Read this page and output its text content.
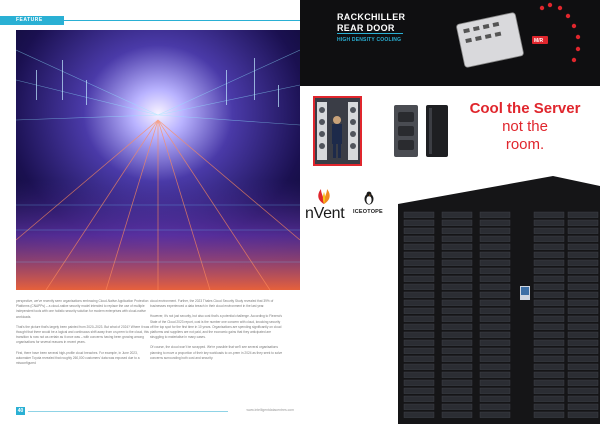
FEATURE

perspective, we've recently seen organisations embracing Cloud-Native Application Protection Platforms (CNAPPs) – a cloud-native security model intended to replace the use of multiple independent tools with one holistic security solution for modern enterprises with cloud-native workloads.

That's the picture that's largely been painted from 2020–2023. But what of 2024? Where it was thought that there would be a logical and continuous shift away from on-prem to the cloud, this transition is now not as certain as it once was – with concerns having been growing among organisations for several reasons in recent years.

First, there have been several high-profile cloud breaches. For example, in June 2023, automaker Toyota revealed that roughly 260,000 customers' data was exposed due to a misconfigured

cloud environment. Further, the 2023 Thales Cloud Security Study revealed that 39% of businesses experienced a data breach in their cloud environment in the last year.

However, it's not just security, but also cost that's a potential challenge. According to Flexera's State of the Cloud 2023 report, cost is the number one concern with cloud, knocking security off the top spot for the first time in 10 years. Organisations are spending significantly on cloud platforms and suppliers are not paid, and the economic gains that they anticipated are struggling to materialise in many cases.

Of course, the cloud won't be scrapped. We're possible that we'll see several organisations planning to move a proportion of their key workloads to on-prem in 2024 as they seek to solve concerns surrounding both cost and security.

40	www.intelligentdatacentres.com
RACKCHILLER
REAR DOOR
HIGH DENSITY COOLING	M/R
Cool the Server
not the
room.
nVent ICEOTOPE
